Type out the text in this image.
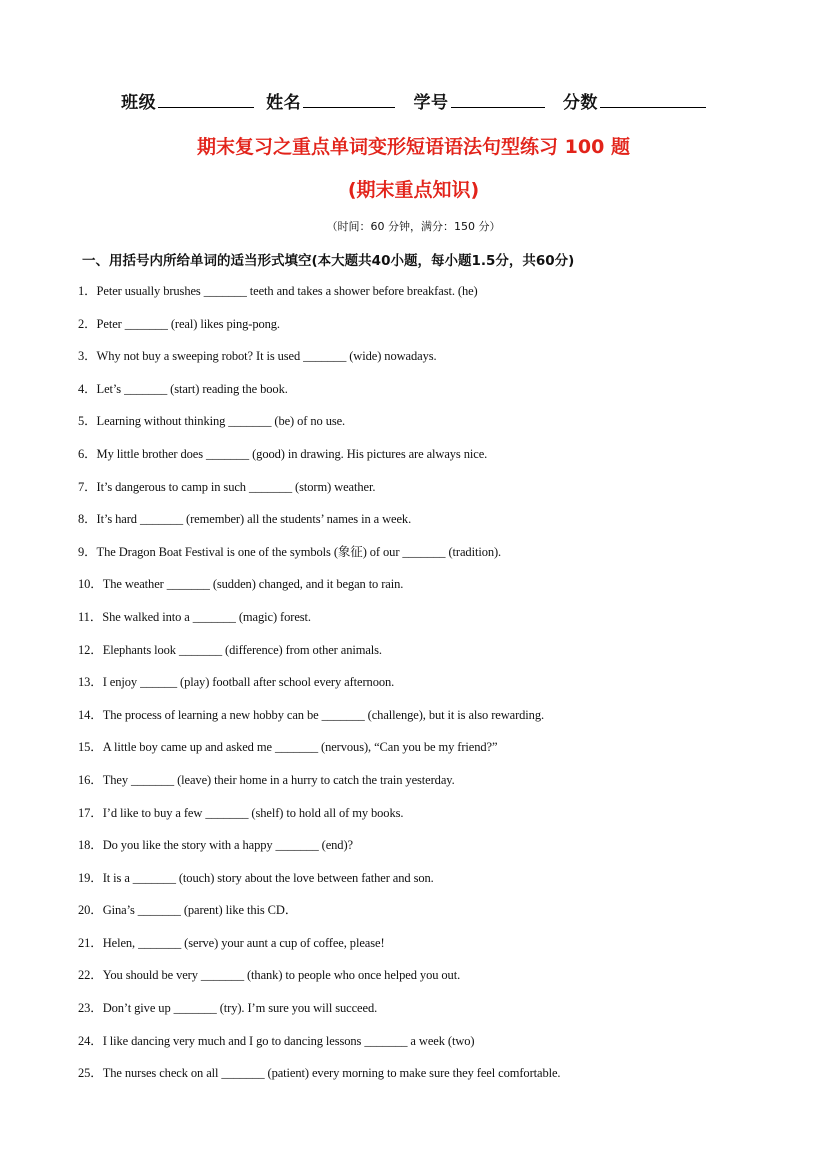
班级	姓名	学号	分数
期末复习之重点单词变形短语语法句型练习 100 题
(期末重点知识)
（时间：60 分钟，满分：150 分）
一、用括号内所给单词的适当形式填空(本大题共40小题，每小题1.5分，共60分)
1．Peter usually brushes _______ teeth and takes a shower before breakfast. (he)
2．Peter _______ (real) likes ping-pong.
3．Why not buy a sweeping robot? It is used _______ (wide) nowadays.
4．Let’s _______ (start) reading the book.
5．Learning without thinking _______ (be) of no use.
6．My little brother does _______ (good) in drawing. His pictures are always nice.
7．It’s dangerous to camp in such _______ (storm) weather.
8．It’s hard _______ (remember) all the students’ names in a week.
9．The Dragon Boat Festival is one of the symbols (象征) of our _______ (tradition).
10．The weather _______ (sudden) changed, and it began to rain.
11．She walked into a _______ (magic) forest.
12．Elephants look _______ (difference) from other animals.
13．I enjoy ______ (play) football after school every afternoon.
14．The process of learning a new hobby can be _______ (challenge), but it is also rewarding.
15．A little boy came up and asked me _______ (nervous), “Can you be my friend?”
16．They _______ (leave) their home in a hurry to catch the train yesterday.
17．I’d like to buy a few _______ (shelf) to hold all of my books.
18．Do you like the story with a happy _______ (end)?
19．It is a _______ (touch) story about the love between father and son.
20．Gina’s _______ (parent) like this CD．
21．Helen, _______ (serve) your aunt a cup of coffee, please!
22．You should be very _______ (thank) to people who once helped you out.
23．Don’t give up _______ (try). I’m sure you will succeed.
24．I like dancing very much and I go to dancing lessons _______ a week (two)
25．The nurses check on all _______ (patient) every morning to make sure they feel comfortable.
